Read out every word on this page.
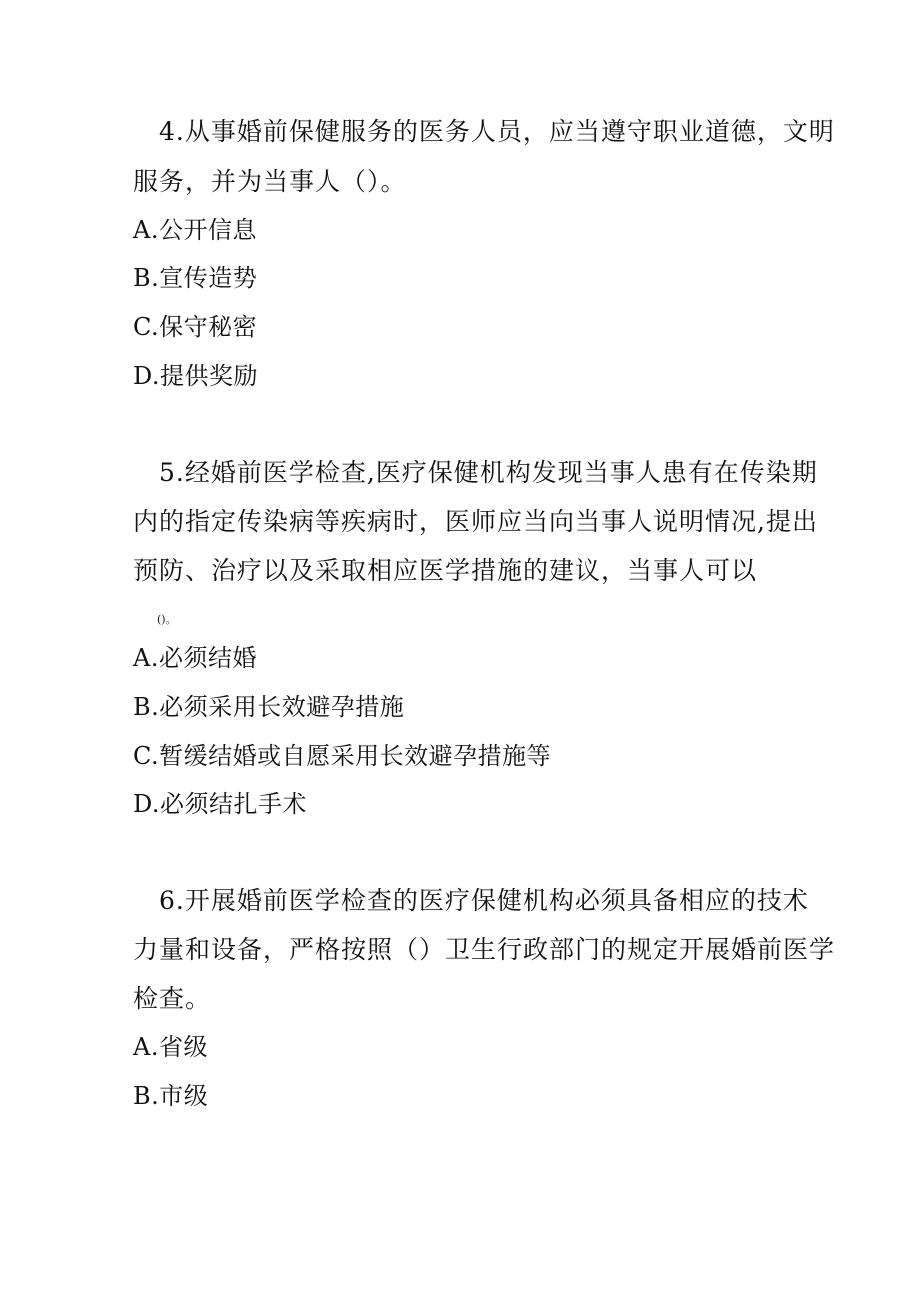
4.从事婚前保健服务的医务人员，应当遵守职业道德，文明
服务，并为当事人（）。
A.公开信息
B.宣传造势
C.保守秘密
D.提供奖励
5.经婚前医学检查,医疗保健机构发现当事人患有在传染期
内的指定传染病等疾病时，医师应当向当事人说明情况,提出
预防、治疗以及采取相应医学措施的建议，当事人可以
()。
A.必须结婚
B.必须采用长效避孕措施
C.暂缓结婚或自愿采用长效避孕措施等
D.必须结扎手术
6.开展婚前医学检查的医疗保健机构必须具备相应的技术
力量和设备，严格按照（）卫生行政部门的规定开展婚前医学
检查。
A.省级
B.市级
